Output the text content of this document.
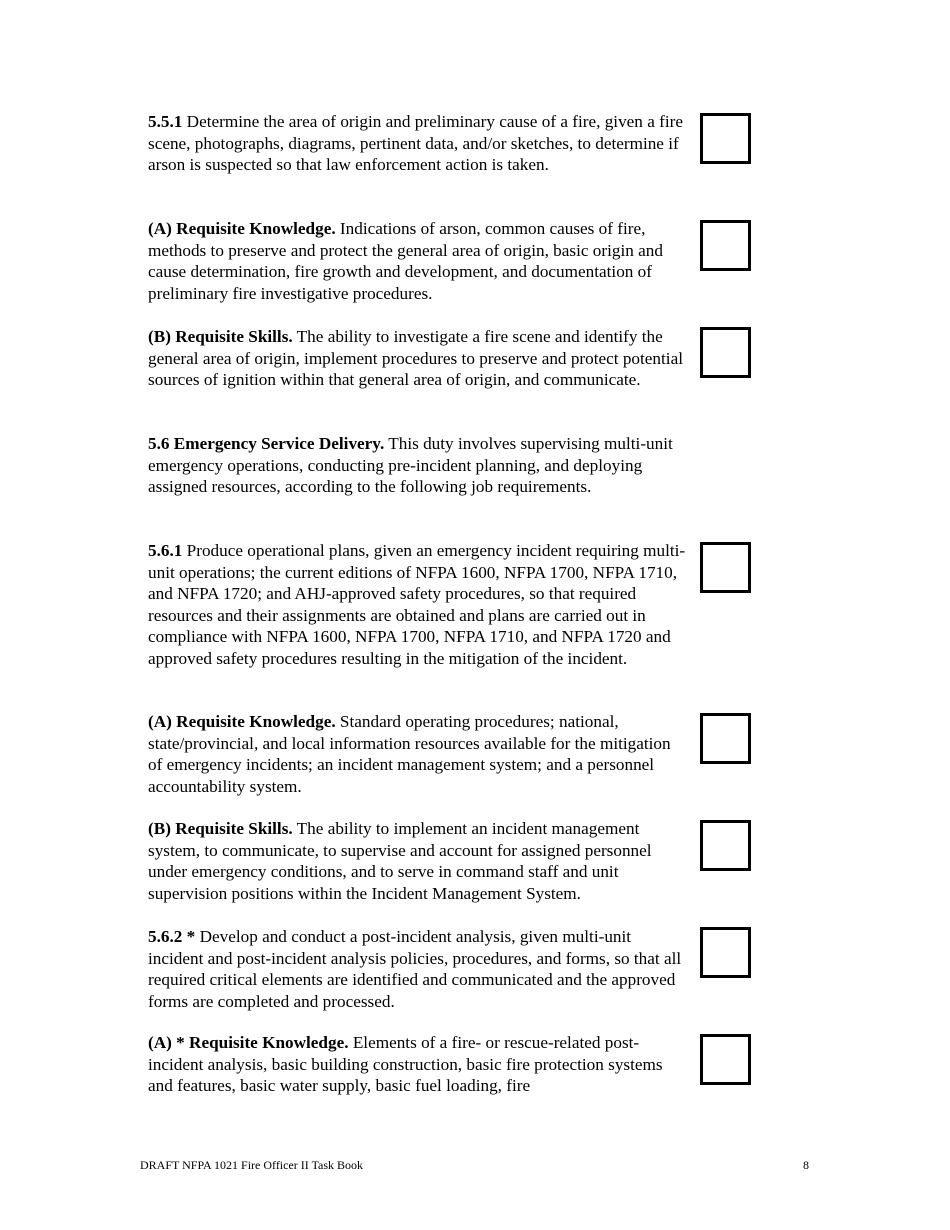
5.5.1 Determine the area of origin and preliminary cause of a fire, given a fire scene, photographs, diagrams, pertinent data, and/or sketches, to determine if arson is suspected so that law enforcement action is taken.
(A) Requisite Knowledge. Indications of arson, common causes of fire, methods to preserve and protect the general area of origin, basic origin and cause determination, fire growth and development, and documentation of preliminary fire investigative procedures.
(B) Requisite Skills. The ability to investigate a fire scene and identify the general area of origin, implement procedures to preserve and protect potential sources of ignition within that general area of origin, and communicate.
5.6 Emergency Service Delivery. This duty involves supervising multi-unit emergency operations, conducting pre-incident planning, and deploying assigned resources, according to the following job requirements.
5.6.1 Produce operational plans, given an emergency incident requiring multi-unit operations; the current editions of NFPA 1600, NFPA 1700, NFPA 1710, and NFPA 1720; and AHJ-approved safety procedures, so that required resources and their assignments are obtained and plans are carried out in compliance with NFPA 1600, NFPA 1700, NFPA 1710, and NFPA 1720 and approved safety procedures resulting in the mitigation of the incident.
(A) Requisite Knowledge. Standard operating procedures; national, state/provincial, and local information resources available for the mitigation of emergency incidents; an incident management system; and a personnel accountability system.
(B) Requisite Skills. The ability to implement an incident management system, to communicate, to supervise and account for assigned personnel under emergency conditions, and to serve in command staff and unit supervision positions within the Incident Management System.
5.6.2 * Develop and conduct a post-incident analysis, given multi-unit incident and post-incident analysis policies, procedures, and forms, so that all required critical elements are identified and communicated and the approved forms are completed and processed.
(A) * Requisite Knowledge. Elements of a fire- or rescue-related post-incident analysis, basic building construction, basic fire protection systems and features, basic water supply, basic fuel loading, fire
DRAFT NFPA 1021 Fire Officer II Task Book	8
